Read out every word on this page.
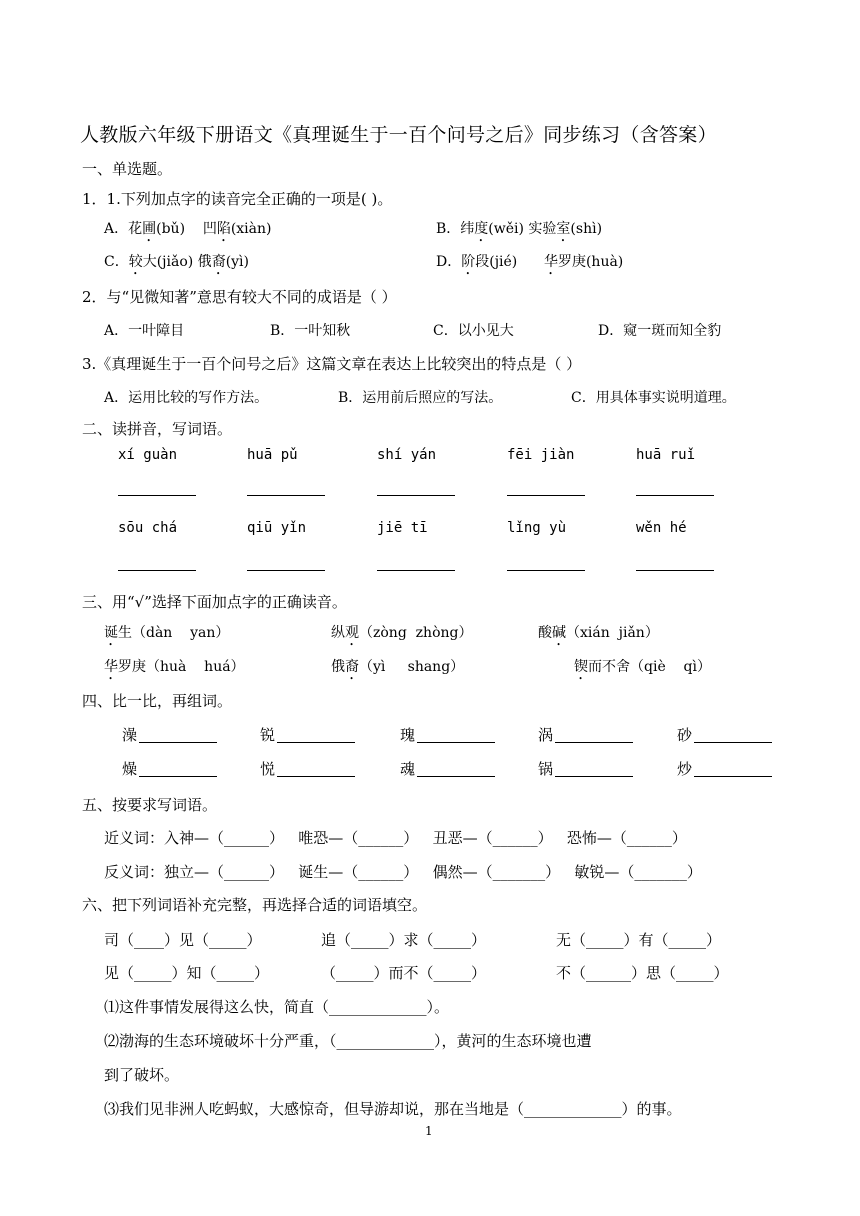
人教版六年级下册语文《真理诞生于一百个问号之后》同步练习（含答案）
一、单选题。
1．1.下列加点字的读音完全正确的一项是( )。
A．花圃(bǔ)    凹陷(xiàn)	B．纬度(wěi) 实验室(shì)
C．较大(jiǎo) 俄裔(yì)	D．阶段(jié)      华罗庚(huà)
2．与“见微知著”意思有较大不同的成语是（ ）
A．一叶障目	B．一叶知秋	C．以小见大	D．窥一斑而知全豹
3.《真理诞生于一百个问号之后》这篇文章在表达上比较突出的特点是（ ）
A．运用比较的写作方法。	B．运用前后照应的写法。	C．用具体事实说明道理。
二、读拼音，写词语。
xí guàn	huā pǔ	shí yán	fēi jiàn	huā ruǐ
sōu chá	qiū yǐn	jiē tī	lǐng yù	wěn hé
三、用“√”选择下面加点字的正确读音。
诞生（dàn    yan）	纵观（zòng  zhòng）	酸碱（xián  jiǎn）
华罗庚（huà    huá）	俄裔（yì     shang）	锲而不舍（qiè    qì）
四、比一比，再组词。
澡	锐	瑰	涡	砂
燥	悦	魂	锅	炒
五、按要求写词语。
近义词：入神—（______）   唯恐—（______）   丑恶—（______）   恐怖—（______）
反义词：独立—（______）   诞生—（______）   偶然—（_______）   敏锐—（_______）
六、把下列词语补充完整，再选择合适的词语填空。
司（____）见（_____）	追（_____）求（_____）	无（_____）有（_____）
见（_____）知（_____）	（_____）而不（_____）	不（______）思（_____）
⑴这件事情发展得这么快，简直（_____________）。
⑵渤海的生态环境破坏十分严重，（_____________），黄河的生态环境也遭
到了破坏。
⑶我们见非洲人吃蚂蚁，大感惊奇，但导游却说，那在当地是（_____________）的事。
1
